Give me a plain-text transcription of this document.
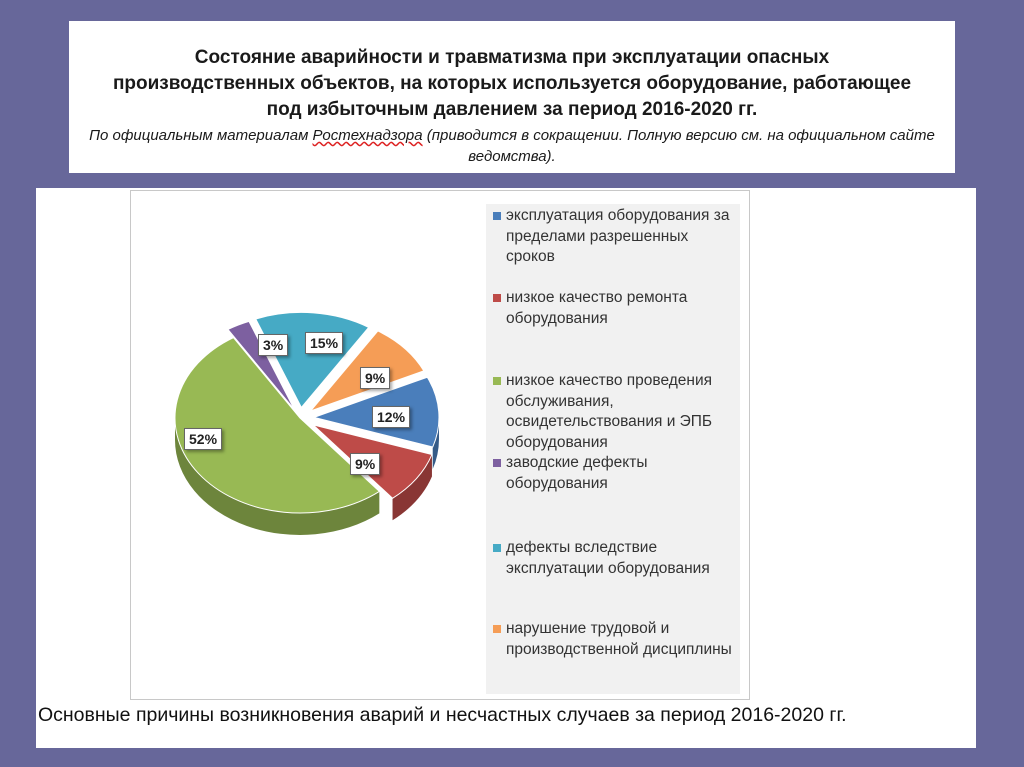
Состояние аварийности и травматизма при эксплуатации опасных производственных объектов, на которых используется оборудование, работающее под избыточным давлением за период 2016-2020 гг.
По официальным материалам Ростехнадзора (приводится в сокращении. Полную версию см. на официальном сайте ведомства).
12%
9%
52%
3%	15%
9%
эксплуатация оборудования за пределами разрешенных сроков
низкое качество ремонта оборудования
низкое качество проведения обслуживания, освидетельствования и ЭПБ оборудования
заводские дефекты оборудования
дефекты вследствие эксплуатации оборудования
нарушение трудовой и производственной дисциплины
Основные причины возникновения аварий и несчастных случаев за период 2016-2020 гг.
